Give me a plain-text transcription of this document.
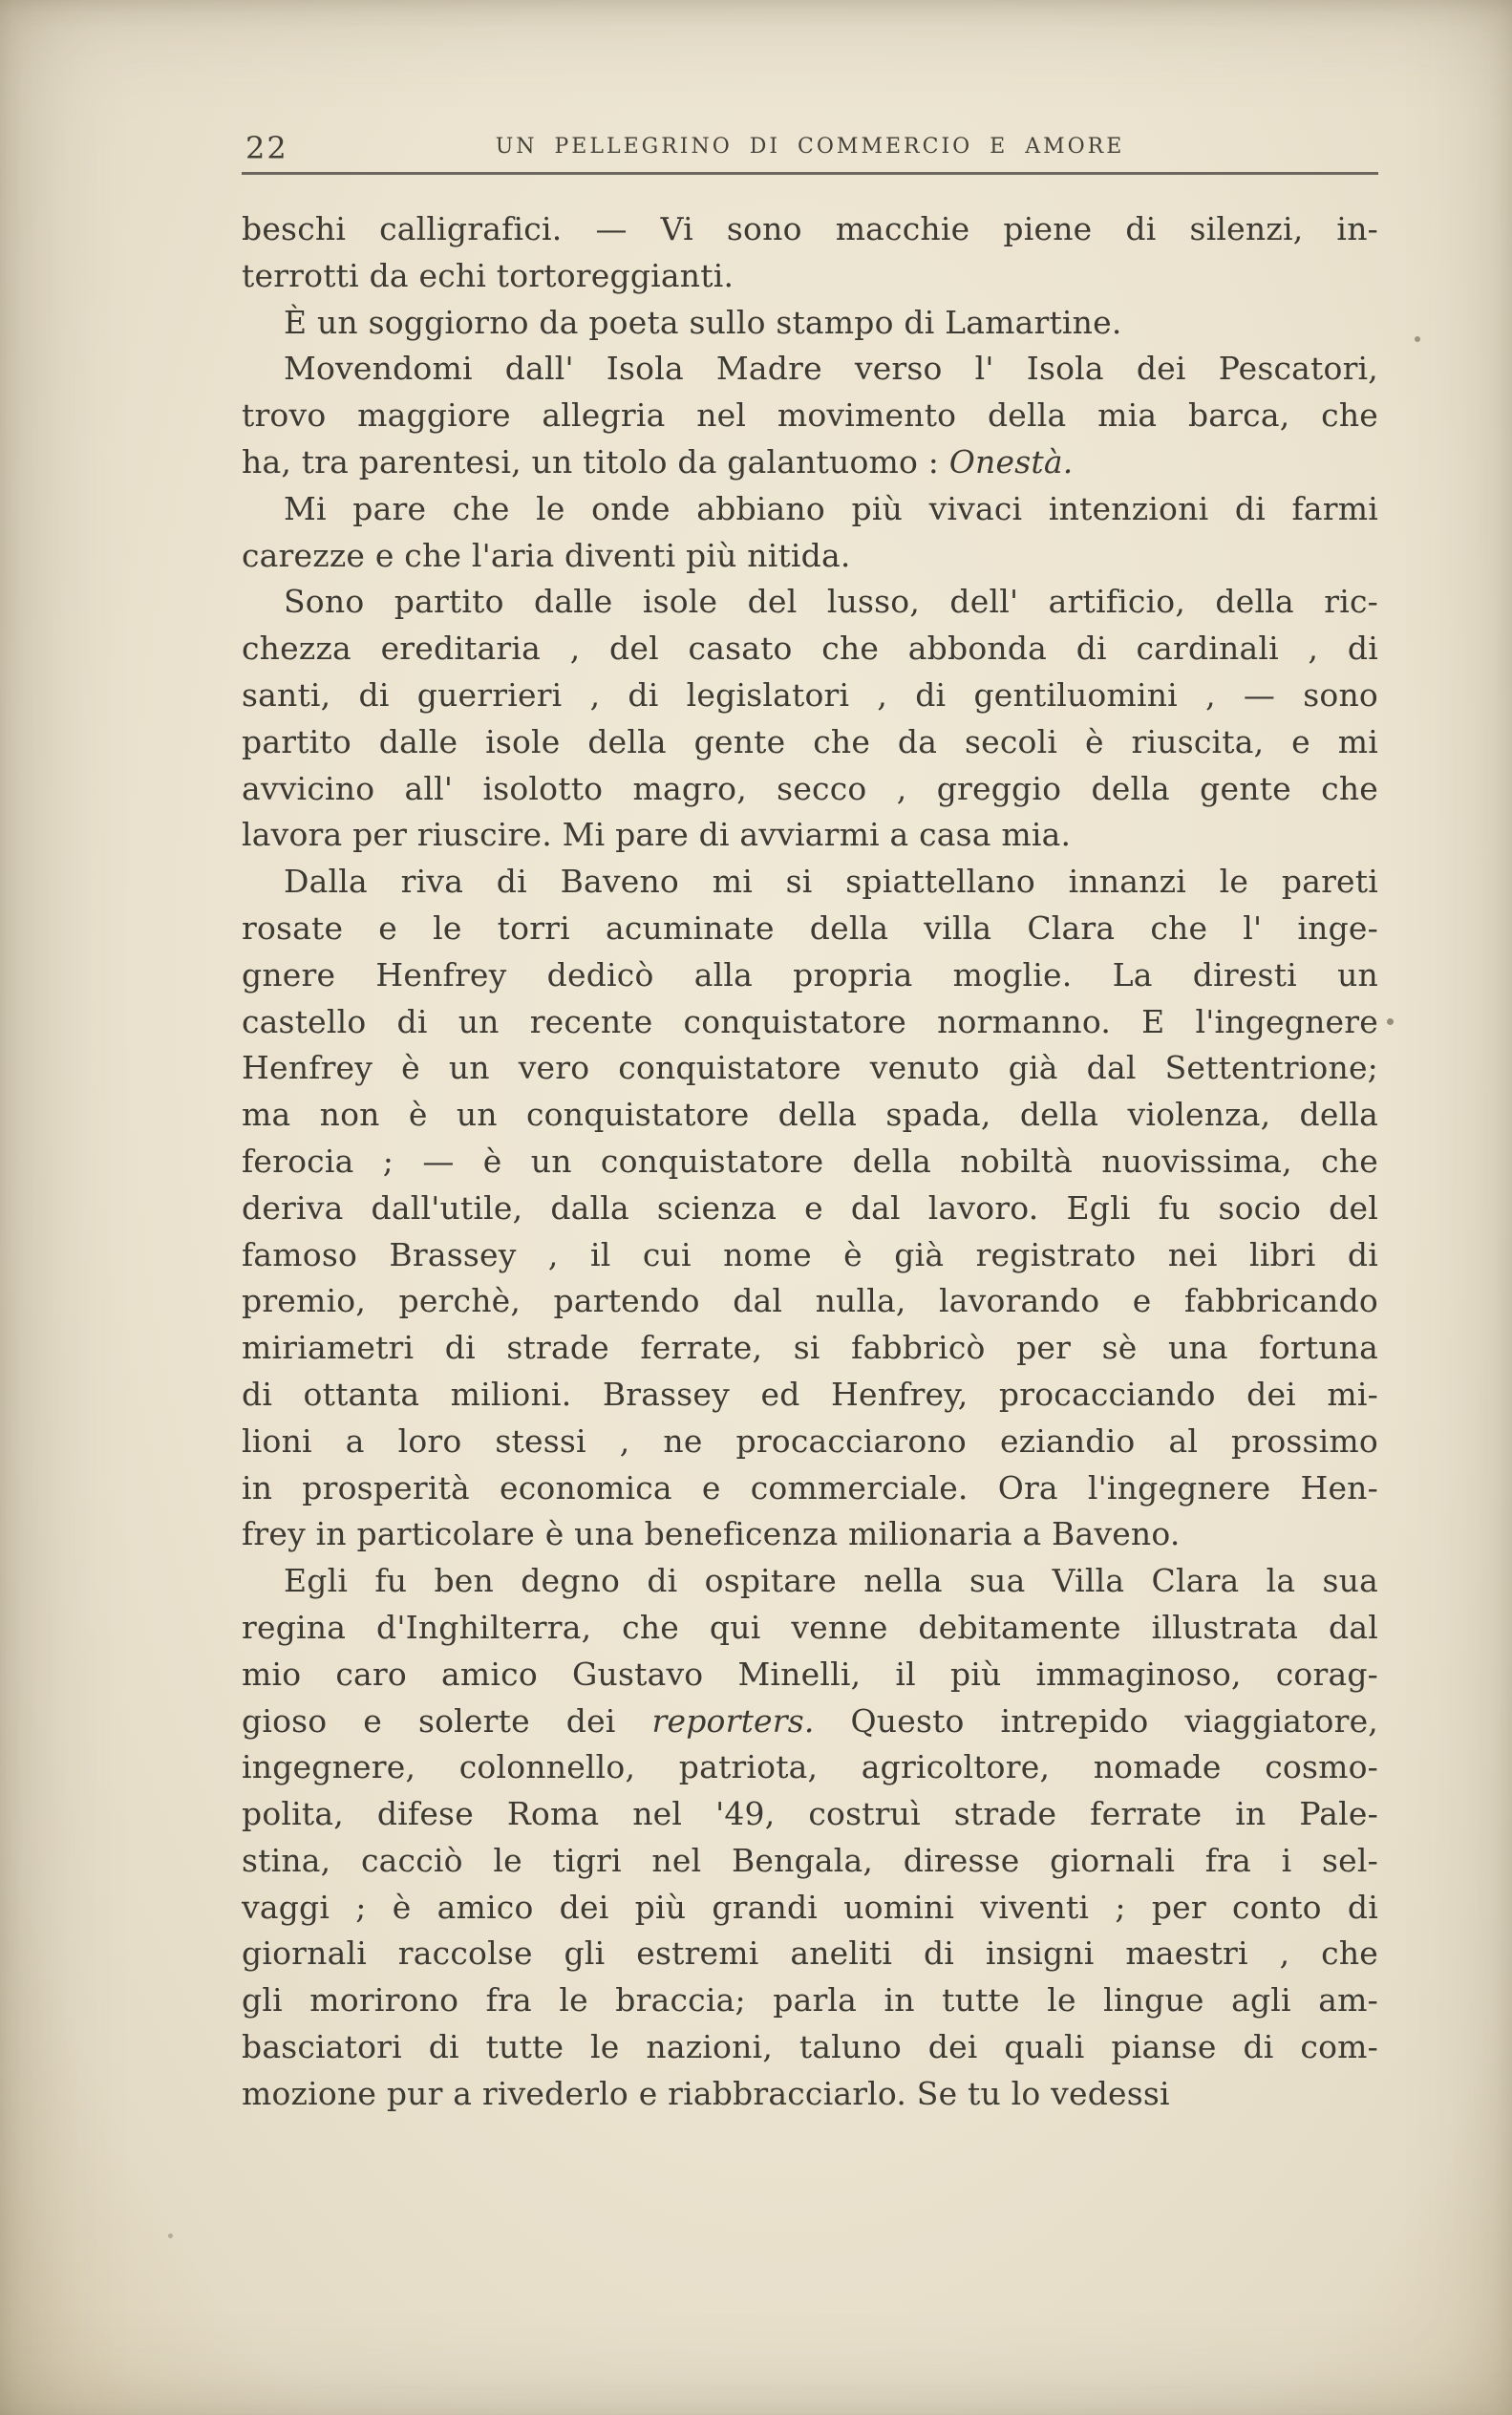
22	UN PELLEGRINO DI COMMERCIO E AMORE
beschi calligrafici. — Vi sono macchie piene di silenzi, in-
terrotti da echi tortoreggianti.
È un soggiorno da poeta sullo stampo di Lamartine.
Movendomi dall' Isola Madre verso l' Isola dei Pescatori,
trovo maggiore allegria nel movimento della mia barca, che
ha, tra parentesi, un titolo da galantuomo : Onestà.
Mi pare che le onde abbiano più vivaci intenzioni di farmi
carezze e che l'aria diventi più nitida.
Sono partito dalle isole del lusso, dell' artificio, della ric-
chezza ereditaria , del casato che abbonda di cardinali , di
santi, di guerrieri , di legislatori , di gentiluomini , — sono
partito dalle isole della gente che da secoli è riuscita, e mi
avvicino all' isolotto magro, secco , greggio della gente che
lavora per riuscire. Mi pare di avviarmi a casa mia.
Dalla riva di Baveno mi si spiattellano innanzi le pareti
rosate e le torri acuminate della villa Clara che l' inge-
gnere Henfrey dedicò alla propria moglie. La diresti un
castello di un recente conquistatore normanno. E l'ingegnere
Henfrey è un vero conquistatore venuto già dal Settentrione;
ma non è un conquistatore della spada, della violenza, della
ferocia ; — è un conquistatore della nobiltà nuovissima, che
deriva dall'utile, dalla scienza e dal lavoro. Egli fu socio del
famoso Brassey , il cui nome è già registrato nei libri di
premio, perchè, partendo dal nulla, lavorando e fabbricando
miriametri di strade ferrate, si fabbricò per sè una fortuna
di ottanta milioni. Brassey ed Henfrey, procacciando dei mi-
lioni a loro stessi , ne procacciarono eziandio al prossimo
in prosperità economica e commerciale. Ora l'ingegnere Hen-
frey in particolare è una beneficenza milionaria a Baveno.
Egli fu ben degno di ospitare nella sua Villa Clara la sua
regina d'Inghilterra, che qui venne debitamente illustrata dal
mio caro amico Gustavo Minelli, il più immaginoso, corag-
gioso e solerte dei reporters. Questo intrepido viaggiatore,
ingegnere, colonnello, patriota, agricoltore, nomade cosmo-
polita, difese Roma nel '49, costruì strade ferrate in Pale-
stina, cacciò le tigri nel Bengala, diresse giornali fra i sel-
vaggi ; è amico dei più grandi uomini viventi ; per conto di
giornali raccolse gli estremi aneliti di insigni maestri , che
gli morirono fra le braccia; parla in tutte le lingue agli am-
basciatori di tutte le nazioni, taluno dei quali pianse di com-
mozione pur a rivederlo e riabbracciarlo. Se tu lo vedessi
